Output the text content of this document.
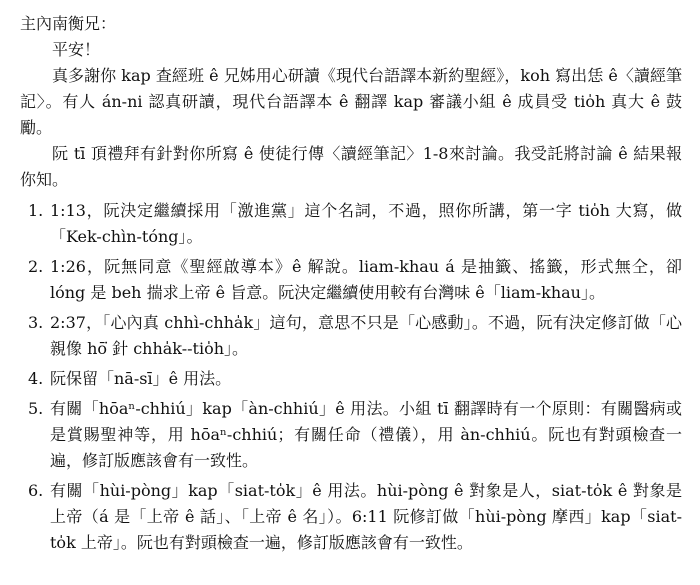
主內南衡兄：

平安！

真多謝你 kap 查經班 ê 兄姊用心研讀《現代台語譯本新約聖經》，koh 寫出恁 ê〈讀經筆記〉。有人 án-ni 認真研讀，現代台語譯本 ê 翻譯 kap 審議小組 ê 成員受 tio̍h 真大 ê 鼓勵。

阮 tī 頂禮拜有針對你所寫 ê 使徒行傳〈讀經筆記〉1-8來討論。我受託將討論 ê 結果報你知。

1. 1:13，阮決定繼續採用「激進黨」這个名詞，不過，照你所講，第一字 tio̍h 大寫，做「Kek-chìn-tóng」。
2. 1:26，阮無同意《聖經啟導本》ê 解說。liam-khau á 是抽籤、搖籤，形式無仝，卻 lóng 是 beh 揣求上帝 ê 旨意。阮決定繼續使用較有台灣味 ê「liam-khau」。
3. 2:37，「心內真 chhì-chha̍k」這句，意思不只是「心感動」。不過，阮有決定修訂做「心親像 hō͘ 針 chha̍k--tio̍h」。
4. 阮保留「nā-sī」ê 用法。
5. 有關「hōaⁿ-chhiú」kap「àn-chhiú」ê 用法。小組 tī 翻譯時有一个原則：有關醫病或是賞賜聖神等，用 hōaⁿ-chhiú；有關任命（禮儀），用 àn-chhiú。阮也有對頭檢查一遍，修訂版應該會有一致性。
6. 有關「hùi-pòng」kap「siat-to̍k」ê 用法。hùi-pòng ê 對象是人，siat-to̍k ê 對象是上帝（á 是「上帝 ê 話」、「上帝 ê 名」）。6:11 阮修訂做「hùi-pòng 摩西」kap「siat-to̍k 上帝」。阮也有對頭檢查一遍，修訂版應該會有一致性。
